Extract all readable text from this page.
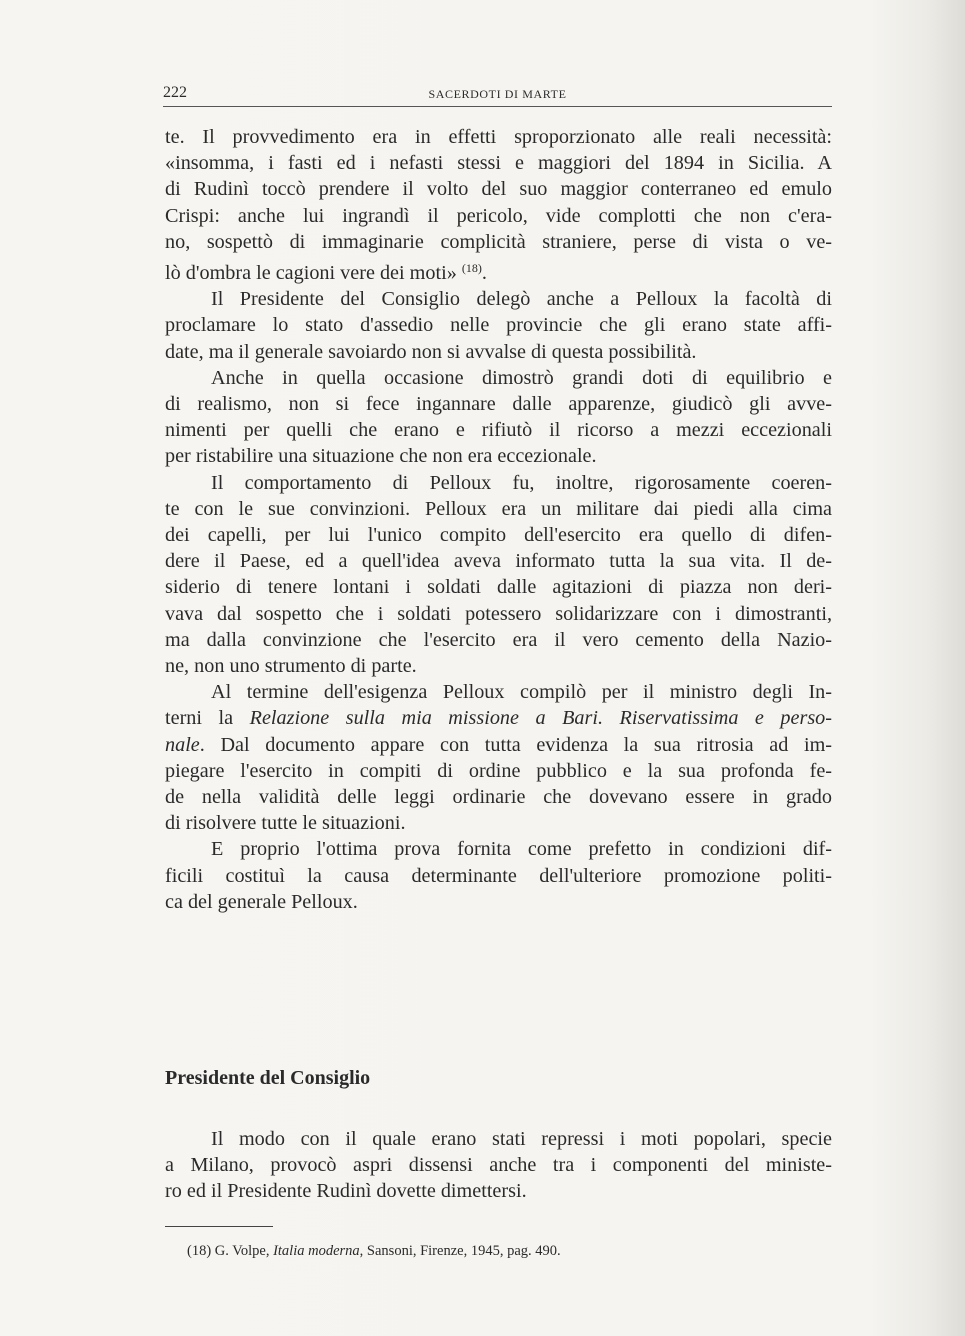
222	SACERDOTI DI MARTE
te. Il provvedimento era in effetti sproporzionato alle reali necessità:
«insomma, i fasti ed i nefasti stessi e maggiori del 1894 in Sicilia. A
di Rudinì toccò prendere il volto del suo maggior conterraneo ed emulo
Crispi: anche lui ingrandì il pericolo, vide complotti che non c'era-
no, sospettò di immaginarie complicità straniere, perse di vista o ve-
lò d'ombra le cagioni vere dei moti» $^{(18)}$.
Il Presidente del Consiglio delegò anche a Pelloux la facoltà di
proclamare lo stato d'assedio nelle provincie che gli erano state affi-
date, ma il generale savoiardo non si avvalse di questa possibilità.
Anche in quella occasione dimostrò grandi doti di equilibrio e
di realismo, non si fece ingannare dalle apparenze, giudicò gli avve-
nimenti per quelli che erano e rifiutò il ricorso a mezzi eccezionali
per ristabilire una situazione che non era eccezionale.
Il comportamento di Pelloux fu, inoltre, rigorosamente coeren-
te con le sue convinzioni. Pelloux era un militare dai piedi alla cima
dei capelli, per lui l'unico compito dell'esercito era quello di difen-
dere il Paese, ed a quell'idea aveva informato tutta la sua vita. Il de-
siderio di tenere lontani i soldati dalle agitazioni di piazza non deri-
vava dal sospetto che i soldati potessero solidarizzare con i dimostranti,
ma dalla convinzione che l'esercito era il vero cemento della Nazio-
ne, non uno strumento di parte.
Al termine dell'esigenza Pelloux compilò per il ministro degli In-
terni la Relazione sulla mia missione a Bari. Riservatissima e perso-
nale. Dal documento appare con tutta evidenza la sua ritrosia ad im-
piegare l'esercito in compiti di ordine pubblico e la sua profonda fe-
de nella validità delle leggi ordinarie che dovevano essere in grado
di risolvere tutte le situazioni.
E proprio l'ottima prova fornita come prefetto in condizioni dif-
ficili costituì la causa determinante dell'ulteriore promozione politi-
ca del generale Pelloux.
Presidente del Consiglio
Il modo con il quale erano stati repressi i moti popolari, specie
a Milano, provocò aspri dissensi anche tra i componenti del ministe-
ro ed il Presidente Rudinì dovette dimettersi.
(18) G. Volpe, Italia moderna, Sansoni, Firenze, 1945, pag. 490.
